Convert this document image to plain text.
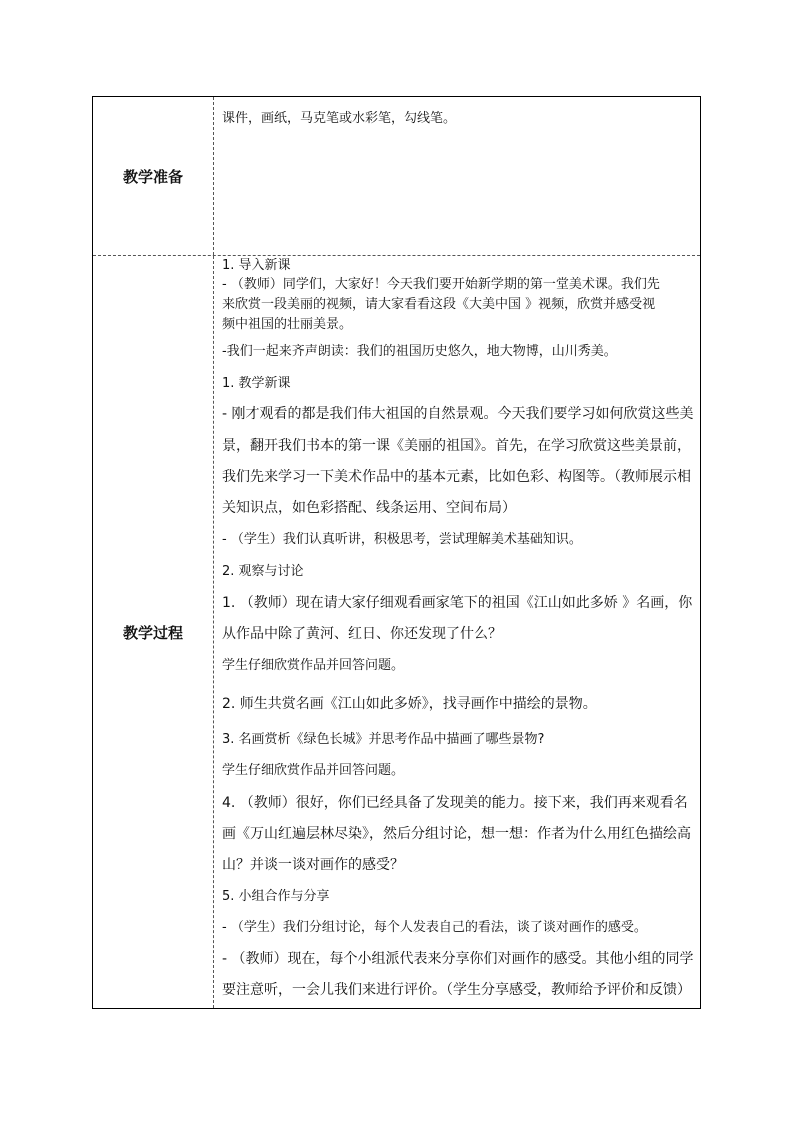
教学准备
课件，画纸，马克笔或水彩笔，勾线笔。
教学过程
1. 导入新课
- （教师）同学们，大家好！今天我们要开始新学期的第一堂美术课。我们先
来欣赏一段美丽的视频，请大家看看这段《大美中国 》视频，欣赏并感受视
频中祖国的壮丽美景。
-我们一起来齐声朗读：我们的祖国历史悠久，地大物博，山川秀美。
1. 教学新课
- 刚才观看的都是我们伟大祖国的自然景观。今天我们要学习如何欣赏这些美
景，翻开我们书本的第一课《美丽的祖国》。首先，在学习欣赏这些美景前，
我们先来学习一下美术作品中的基本元素，比如色彩、构图等。（教师展示相
关知识点，如色彩搭配、线条运用、空间布局）
- （学生）我们认真听讲，积极思考，尝试理解美术基础知识。
2. 观察与讨论
1. （教师）现在请大家仔细观看画家笔下的祖国《江山如此多娇 》名画，你
从作品中除了黄河、红日、你还发现了什么？
学生仔细欣赏作品并回答问题。
2. 师生共赏名画《江山如此多娇》，找寻画作中描绘的景物。
3. 名画赏析《绿色长城》并思考作品中描画了哪些景物?
学生仔细欣赏作品并回答问题。
4. （教师）很好，你们已经具备了发现美的能力。接下来，我们再来观看名
画《万山红遍层林尽染》，然后分组讨论，想一想：作者为什么用红色描绘高
山？并谈一谈对画作的感受？
5. 小组合作与分享
- （学生）我们分组讨论，每个人发表自己的看法，谈了谈对画作的感受。
- （教师）现在，每个小组派代表来分享你们对画作的感受。其他小组的同学
要注意听，一会儿我们来进行评价。（学生分享感受，教师给予评价和反馈）
